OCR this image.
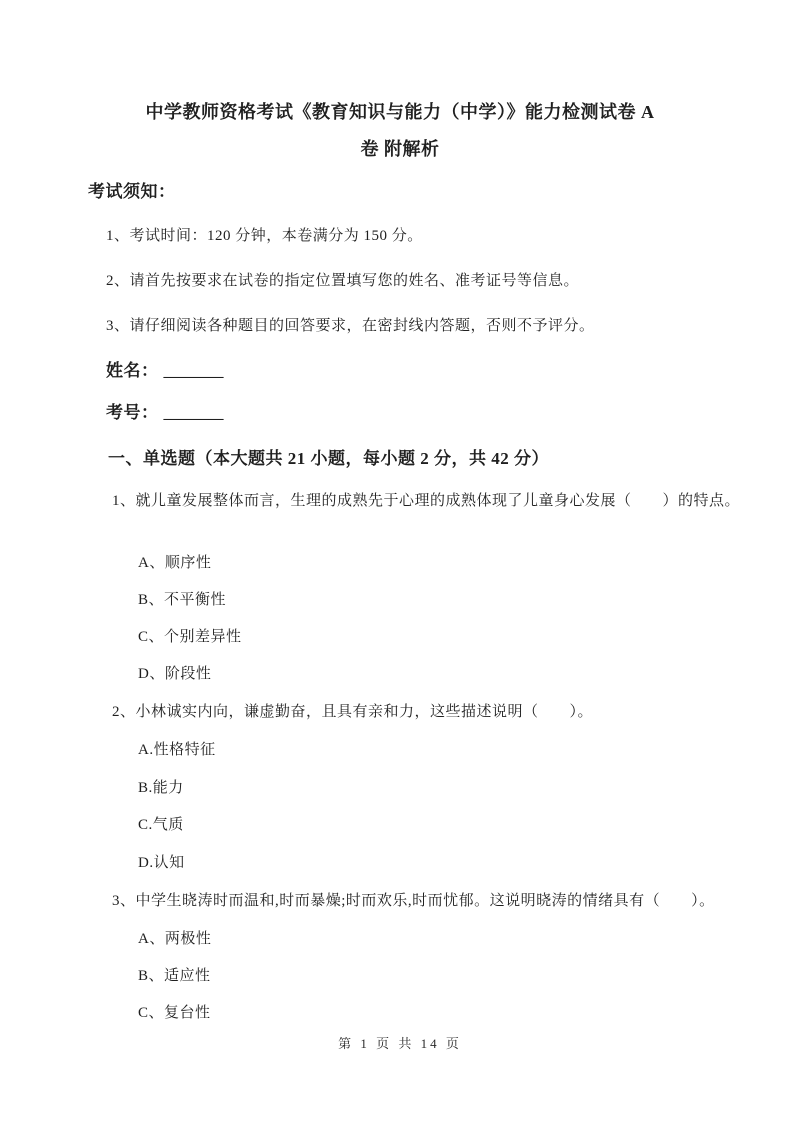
中学教师资格考试《教育知识与能力（中学）》能力检测试卷 A
卷 附解析
考试须知：
1、考试时间：120 分钟，本卷满分为 150 分。
2、请首先按要求在试卷的指定位置填写您的姓名、准考证号等信息。
3、请仔细阅读各种题目的回答要求，在密封线内答题，否则不予评分。
姓名： ________
考号： ________
一、单选题（本大题共 21 小题，每小题 2 分，共 42 分）
1、就儿童发展整体而言，生理的成熟先于心理的成熟体现了儿童身心发展（　　）的特点。
A、顺序性
B、不平衡性
C、个别差异性
D、阶段性
2、小林诚实内向，谦虚勤奋，且具有亲和力，这些描述说明（　　）。
A.性格特征
B.能力
C.气质
D.认知
3、中学生晓涛时而温和,时而暴燥;时而欢乐,时而忧郁。这说明晓涛的情绪具有（　　）。
A、两极性
B、适应性
C、复台性
第 1 页 共 14 页
